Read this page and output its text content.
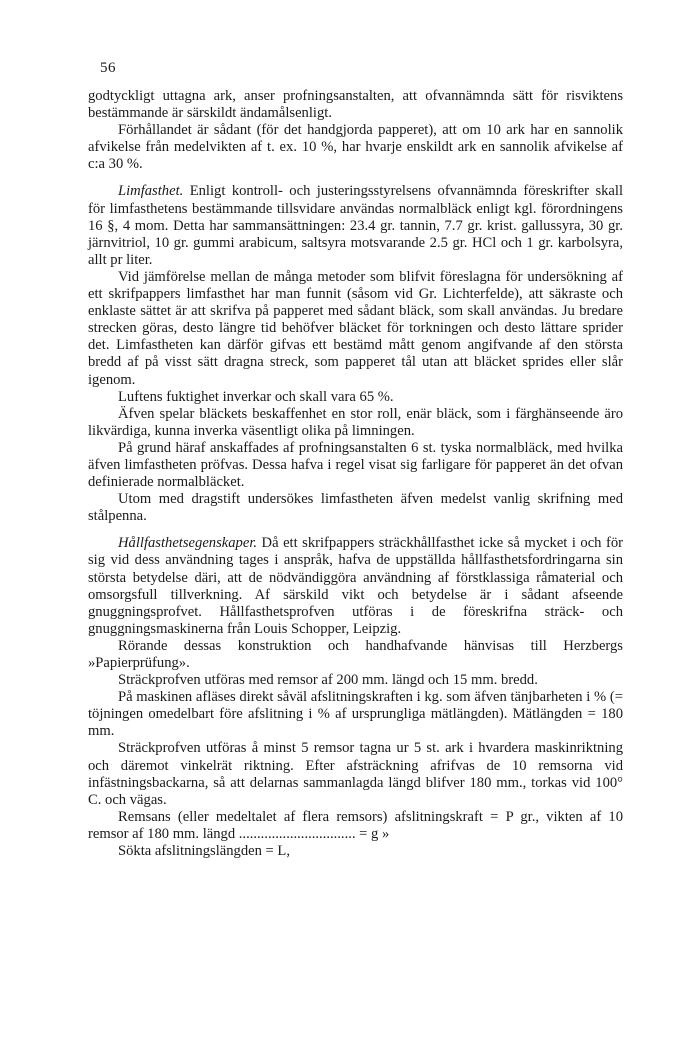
56

godtyckligt uttagna ark, anser profningsanstalten, att ofvannämnda sätt för risviktens bestämmande är särskildt ändamålsenligt.

Förhållandet är sådant (för det handgjorda papperet), att om 10 ark har en sannolik afvikelse från medelvikten af t. ex. 10 %, har hvarje enskildt ark en sannolik afvikelse af c:a 30 %.

Limfasthet. Enligt kontroll- och justeringsstyrelsens ofvannämnda föreskrifter skall för limfasthetens bestämmande tillsvidare användas normalbläck enligt kgl. förordningens 16 §, 4 mom. Detta har sammansättningen: 23.4 gr. tannin, 7.7 gr. krist. gallussyra, 30 gr. järnvitriol, 10 gr. gummi arabicum, saltsyra motsvarande 2.5 gr. HCl och 1 gr. karbolsyra, allt pr liter.

Vid jämförelse mellan de många metoder som blifvit föreslagna för undersökning af ett skrifpappers limfasthet har man funnit (såsom vid Gr. Lichterfelde), att säkraste och enklaste sättet är att skrifva på papperet med sådant bläck, som skall användas. Ju bredare strecken göras, desto längre tid behöfver bläcket för torkningen och desto lättare sprider det. Limfastheten kan därför gifvas ett bestämd mått genom angifvande af den största bredd af på visst sätt dragna streck, som papperet tål utan att bläcket sprides eller slår igenom.

Luftens fuktighet inverkar och skall vara 65 %.

Äfven spelar bläckets beskaffenhet en stor roll, enär bläck, som i färghänseende äro likvärdiga, kunna inverka väsentligt olika på limningen.

På grund häraf anskaffades af profningsanstalten 6 st. tyska normalbläck, med hvilka äfven limfastheten pröfvas. Dessa hafva i regel visat sig farligare för papperet än det ofvan definierade normalbläcket.

Utom med dragstift undersökes limfastheten äfven medelst vanlig skrifning med stålpenna.

Hållfasthetsegenskaper. Då ett skrifpappers sträckhållfasthet icke så mycket i och för sig vid dess användning tages i anspråk, hafva de uppställda hållfasthetsfordringarna sin största betydelse däri, att de nödvändiggöra användning af förstklassiga råmaterial och omsorgsfull tillverkning. Af särskild vikt och betydelse är i sådant afseende gnuggningsprofvet. Hållfasthetsprofven utföras i de föreskrifna sträck- och gnuggningsmaskinerna från Louis Schopper, Leipzig.

Rörande dessas konstruktion och handhafvande hänvisas till Herzbergs »Papierprüfung».

Sträckprofven utföras med remsor af 200 mm. längd och 15 mm. bredd.

På maskinen afläses direkt såväl afslitningskraften i kg. som äfven tänjbarheten i % (= töjningen omedelbart före afslitning i % af ursprungliga mätlängden). Mätlängden = 180 mm.

Sträckprofven utföras å minst 5 remsor tagna ur 5 st. ark i hvardera maskinriktning och däremot vinkelrät riktning. Efter afsträckning afrifvas de 10 remsorna vid infästningsbackarna, så att delarnas sammanlagda längd blifver 180 mm., torkas vid 100° C. och vägas.

Remsans (eller medeltalet af flera remsors) afslitningskraft = P gr., vikten af 10 remsor af 180 mm. längd ................................ = g »

Sökta afslitningslängden = L,
